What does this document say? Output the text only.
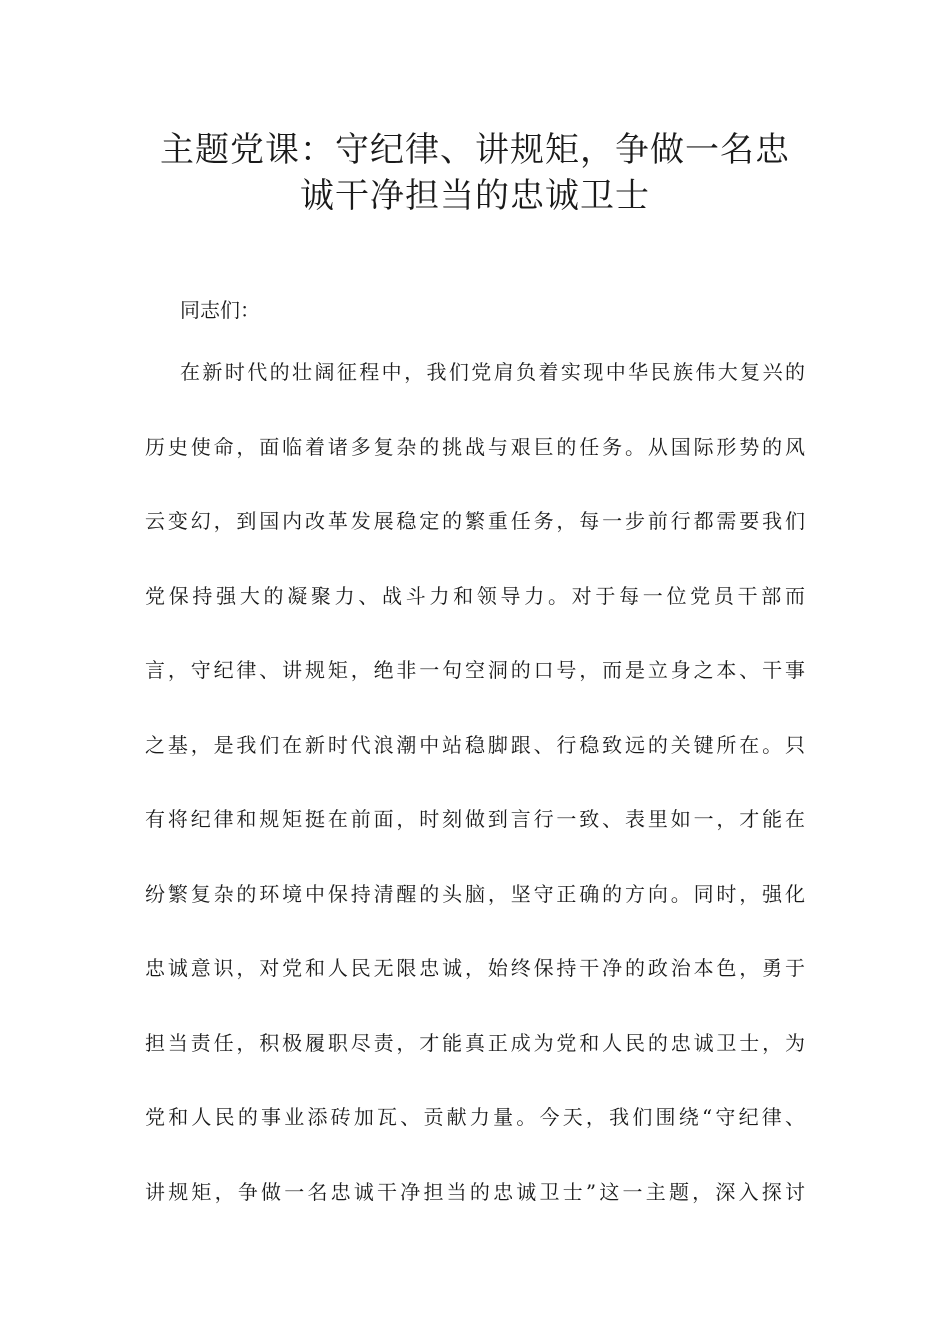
主题党课：守纪律、讲规矩，争做一名忠
诚干净担当的忠诚卫士
同志们：
在新时代的壮阔征程中，我们党肩负着实现中华民族伟大复兴的
历史使命，面临着诸多复杂的挑战与艰巨的任务。从国际形势的风
云变幻，到国内改革发展稳定的繁重任务，每一步前行都需要我们
党保持强大的凝聚力、战斗力和领导力。对于每一位党员干部而
言，守纪律、讲规矩，绝非一句空洞的口号，而是立身之本、干事
之基，是我们在新时代浪潮中站稳脚跟、行稳致远的关键所在。只
有将纪律和规矩挺在前面，时刻做到言行一致、表里如一，才能在
纷繁复杂的环境中保持清醒的头脑，坚守正确的方向。同时，强化
忠诚意识，对党和人民无限忠诚，始终保持干净的政治本色，勇于
担当责任，积极履职尽责，才能真正成为党和人民的忠诚卫士，为
党和人民的事业添砖加瓦、贡献力量。今天，我们围绕“守纪律、
讲规矩，争做一名忠诚干净担当的忠诚卫士”这一主题，深入探讨
